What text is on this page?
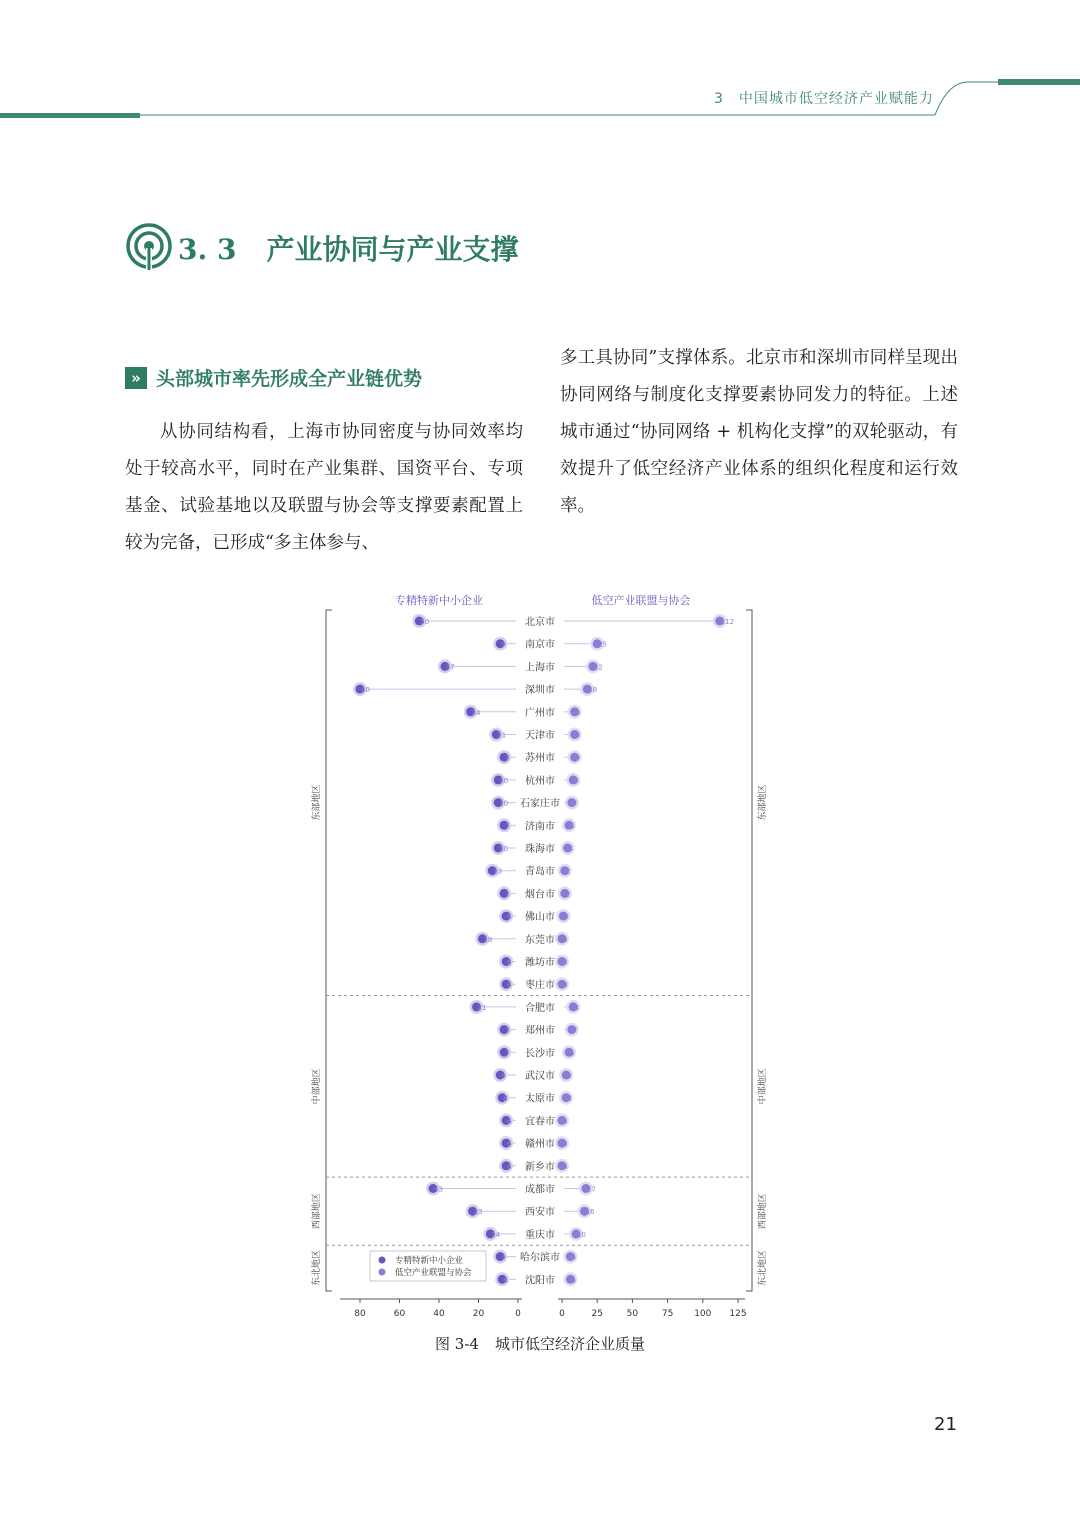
3　中国城市低空经济产业赋能力
3. 3 产业协同与产业支撑
» 头部城市率先形成全产业链优势
从协同结构看，上海市协同密度与协同效率均处于较高水平，同时在产业集群、国资平台、专项基金、试验基地以及联盟与协会等支撑要素配置上较为完备，已形成“多主体参与、
多工具协同”支撑体系。北京市和深圳市同样呈现出协同网络与制度化支撑要素协同发力的特征。上述城市通过“协同网络 + 机构化支撑”的双轮驱动，有效提升了低空经济产业体系的组织化程度和运行效率。
专精特新中小企业	低空产业联盟与协会
50	112
北京市
9	25
南京市
37	22
上海市
80	18
深圳市
24	9
广州市
11	9
天津市
7	9
苏州市
10	8
杭州市
10	7
石家庄市
7	5
济南市
10	4
珠海市
13	2
青岛市
7	2
烟台市
6	1
佛山市
18	0
东莞市
6	0
潍坊市
6	0
枣庄市
东部地区	东部地区
21	8
合肥市
7	7
郑州市
7	5
长沙市
9	3
武汉市
8	3
太原市
6	0
宜春市
6	0
赣州市
6	0
新乡市
中部地区	中部地区
43	17
成都市
23	16
西安市
14	10
重庆市
西部地区	西部地区
9	6
哈尔滨市
8	6
沈阳市
东北地区	东北地区
80	60	40	20	0	0	25	50	75 100 125
专精特新中小企业
低空产业联盟与协会
图 3-4 城市低空经济企业质量
21
